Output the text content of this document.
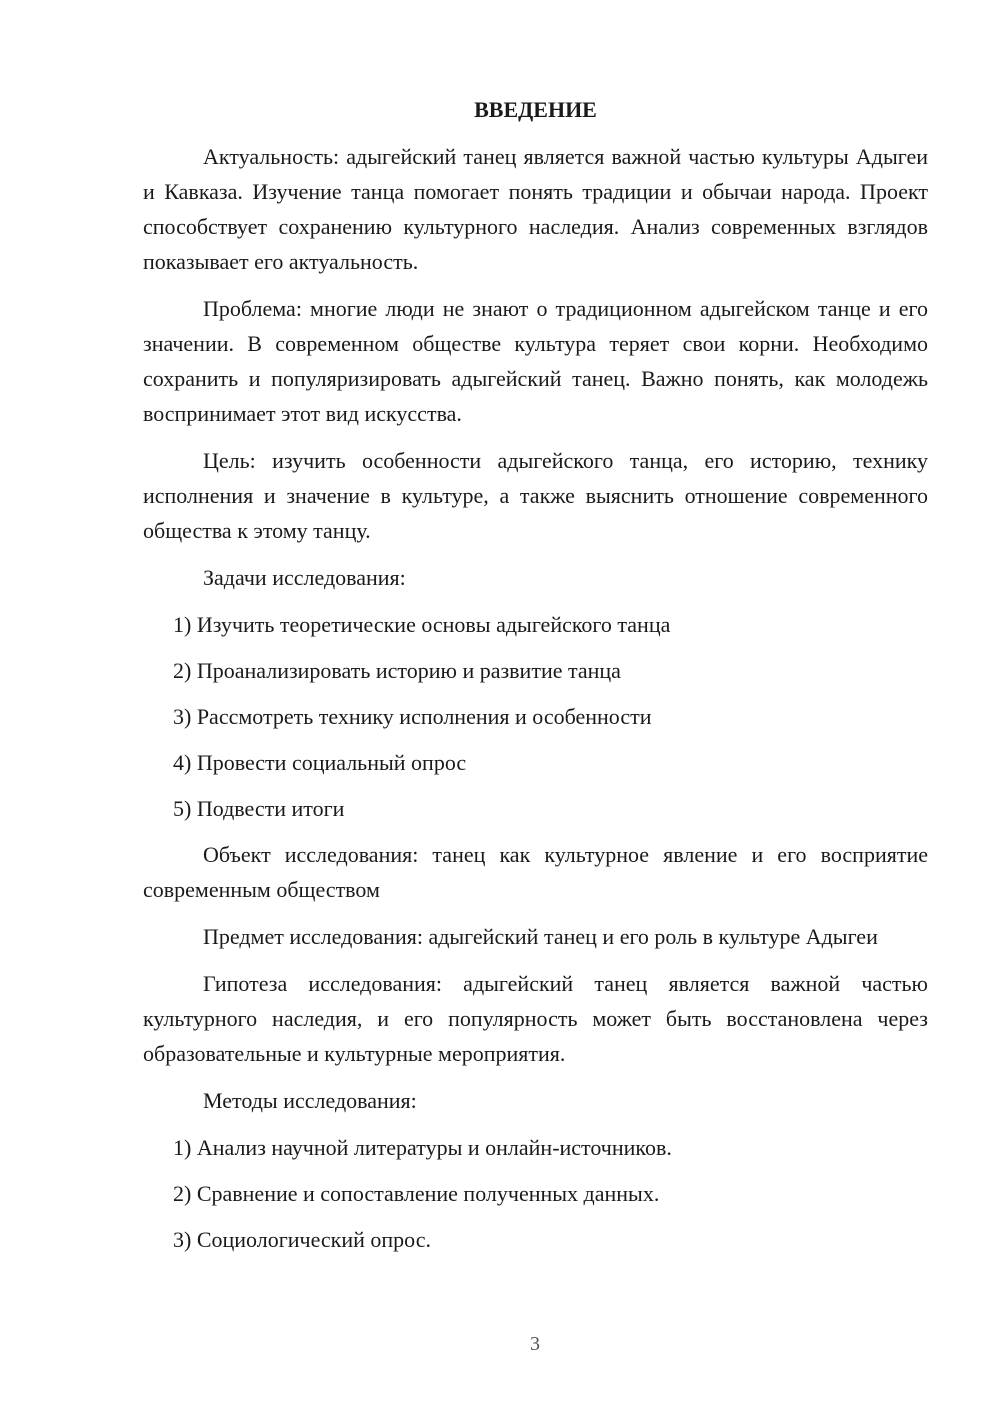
ВВЕДЕНИЕ

Актуальность: адыгейский танец является важной частью культуры Адыгеи и Кавказа. Изучение танца помогает понять традиции и обычаи народа. Проект способствует сохранению культурного наследия. Анализ современных взглядов показывает его актуальность.

Проблема: многие люди не знают о традиционном адыгейском танце и его значении. В современном обществе культура теряет свои корни. Необходимо сохранить и популяризировать адыгейский танец. Важно понять, как молодежь воспринимает этот вид искусства.

Цель: изучить особенности адыгейского танца, его историю, технику исполнения и значение в культуре, а также выяснить отношение современного общества к этому танцу.

Задачи исследования:

1) Изучить теоретические основы адыгейского танца
2) Проанализировать историю и развитие танца
3) Рассмотреть технику исполнения и особенности
4) Провести социальный опрос
5) Подвести итоги

Объект исследования: танец как культурное явление и его восприятие современным обществом

Предмет исследования: адыгейский танец и его роль в культуре Адыгеи

Гипотеза исследования: адыгейский танец является важной частью культурного наследия, и его популярность может быть восстановлена через образовательные и культурные мероприятия.

Методы исследования:

1) Анализ научной литературы и онлайн-источников.
2) Сравнение и сопоставление полученных данных.
3) Социологический опрос.
3
